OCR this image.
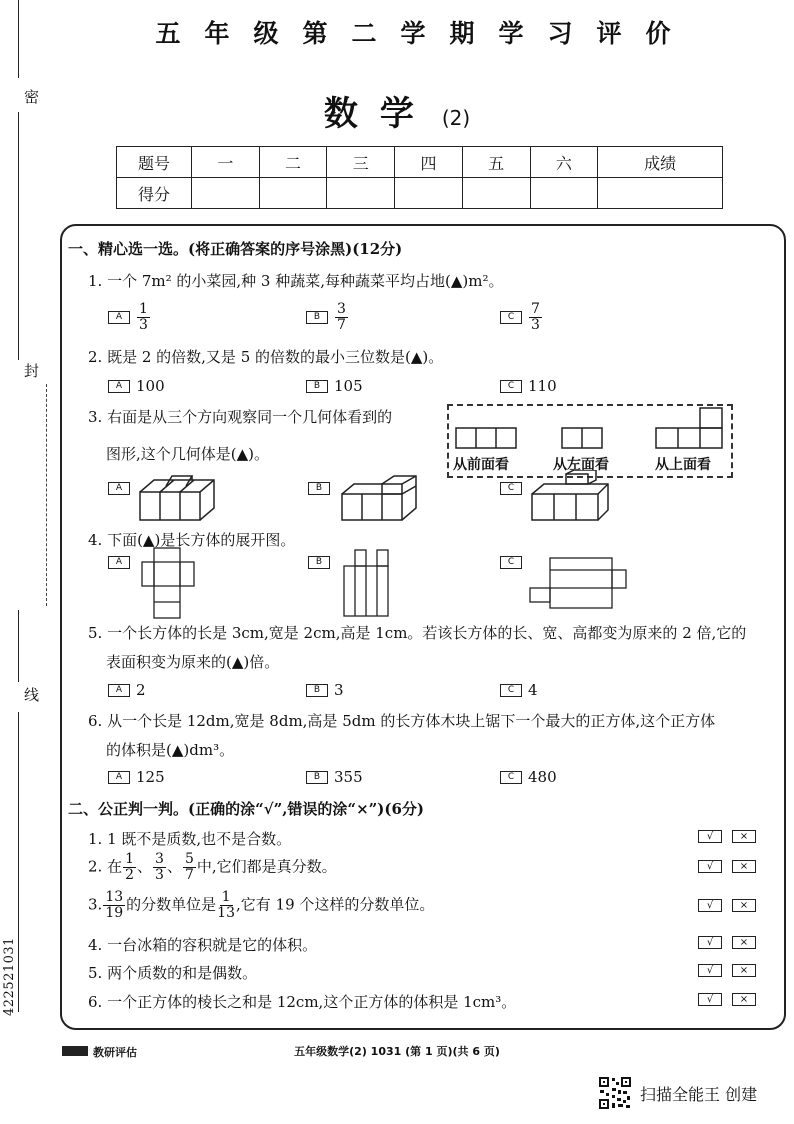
密
封
线
422521031
五年级第二学期学习评价
数学 (2)
题号	一	二	三	四	五	六	成绩
得分							
一、精心选一选。(将正确答案的序号涂黑)(12分)
1. 一个 7m² 的小菜园,种 3 种蔬菜,每种蔬菜平均占地(▲)m²。
A	$\frac{1}{3}$	B	$\frac{3}{7}$	C	$\frac{7}{3}$
2. 既是 2 的倍数,又是 5 的倍数的最小三位数是(▲)。
A 100	B 105	C 110
3. 右面是从三个方向观察同一个几何体看到的
图形,这个几何体是(▲)。
从前面看	从左面看	从上面看
A	B	C
4. 下面(▲)是长方体的展开图。
A	B	C
5. 一个长方体的长是 3cm,宽是 2cm,高是 1cm。若该长方体的长、宽、高都变为原来的 2 倍,它的
表面积变为原来的(▲)倍。
A 2	B 3	C 4
6. 从一个长是 12dm,宽是 8dm,高是 5dm 的长方体木块上锯下一个最大的正方体,这个正方体
的体积是(▲)dm³。
A 125	B 355	C 480
二、公正判一判。(正确的涂“√”,错误的涂“×”)(6分)
1. 1 既不是质数,也不是合数。
2. 在 $\frac{1}{2}$ 、 $\frac{3}{3}$ 、 $\frac{5}{7}$ 中,它们都是真分数。
3. $\frac{13}{19}$ 的分数单位是 $\frac{1}{13}$ ,它有 19 个这样的分数单位。
4. 一台冰箱的容积就是它的体积。
5. 两个质数的和是偶数。
6. 一个正方体的棱长之和是 12cm,这个正方体的体积是 1cm³。
√	×
√	×
√	×
√	×
√	×
√	×
教研评估	五年级数学(2) 1031 (第 1 页)(共 6 页)
扫描全能王 创建
